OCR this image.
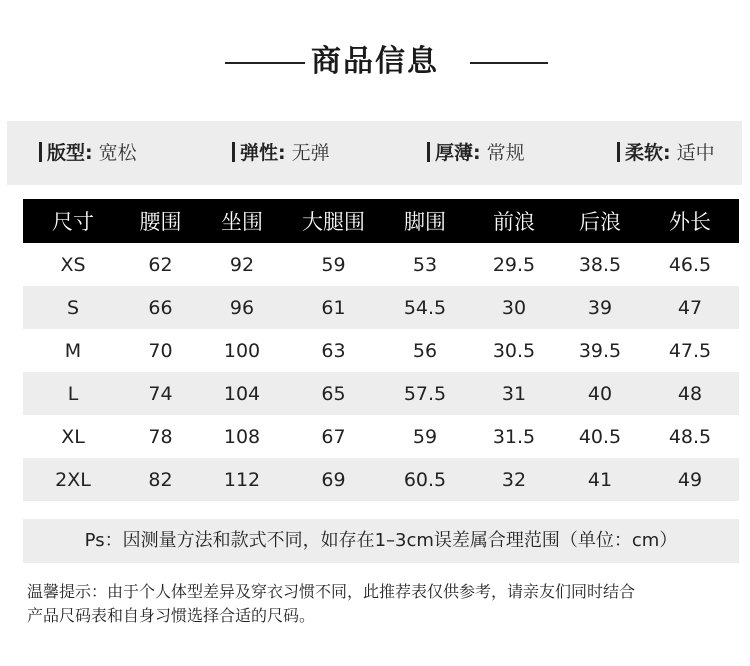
商品信息
版型: 宽松	弹性: 无弹	厚薄: 常规	柔软: 适中
尺寸	腰围	坐围	大腿围	脚围	前浪	后浪	外长
XS	62	92	59	53	29.5	38.5	46.5
S	66	96	61	54.5	30	39	47
M	70	100	63	56	30.5	39.5	47.5
L	74	104	65	57.5	31	40	48
XL	78	108	67	59	31.5	40.5	48.5
2XL	82	112	69	60.5	32	41	49
Ps：因测量方法和款式不同，如存在1–3cm误差属合理范围（单位：cm）
温馨提示：由于个人体型差异及穿衣习惯不同，此推荐表仅供参考，请亲友们同时结合
产品尺码表和自身习惯选择合适的尺码。
